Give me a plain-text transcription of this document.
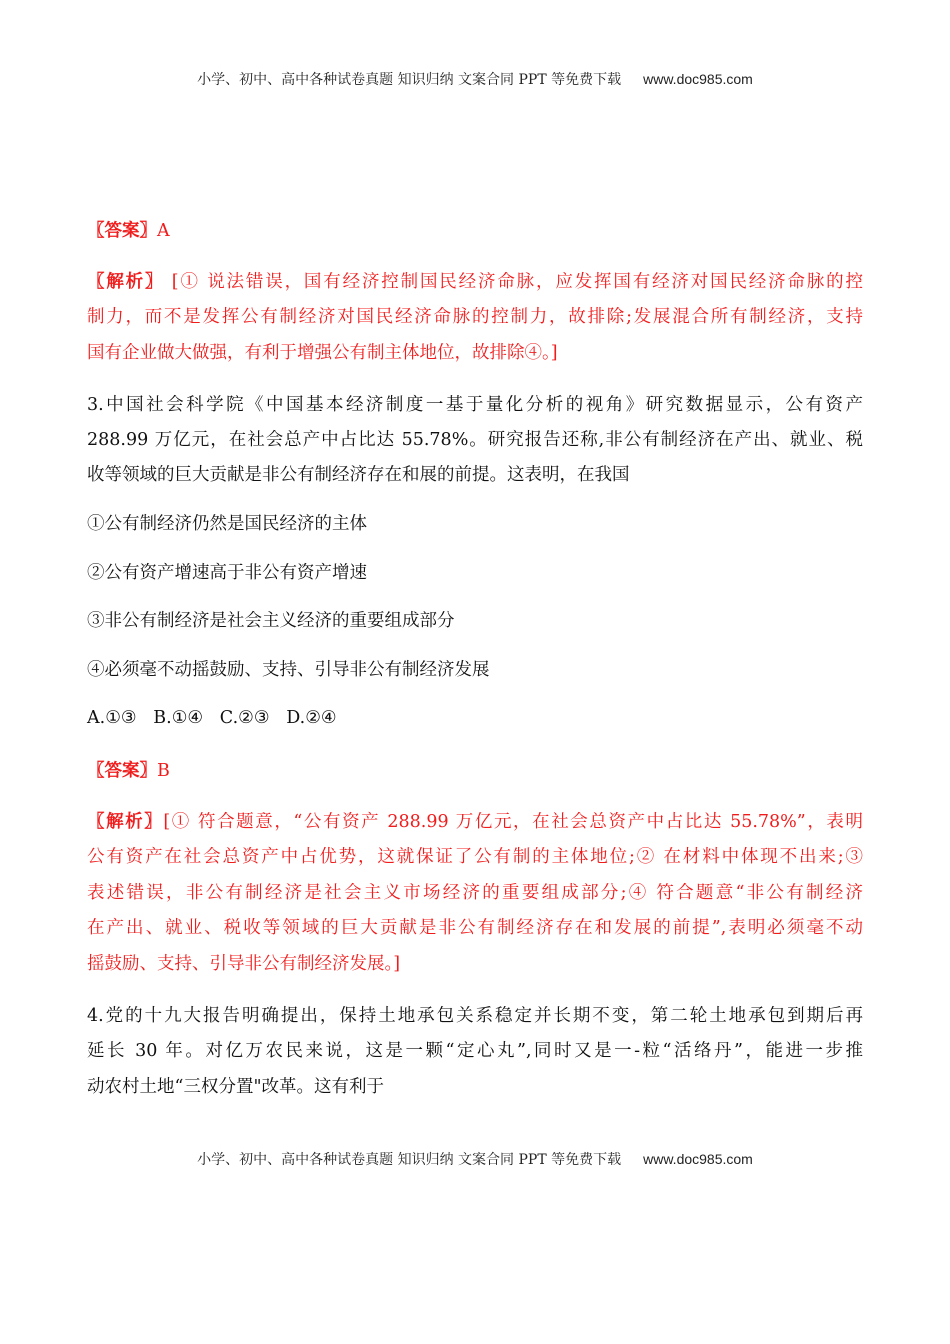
小学、初中、高中各种试卷真题 知识归纳 文案合同 PPT 等免费下载 www.doc985.com
〖答案〗A
〖解析〗 [① 说法错误，国有经济控制国民经济命脉，应发挥国有经济对国民经济命脉的控
制力，而不是发挥公有制经济对国民经济命脉的控制力，故排除;发展混合所有制经济，支持
国有企业做大做强，有利于增强公有制主体地位，故排除④。]
3.中国社会科学院《中国基本经济制度一基于量化分析的视角》研究数据显示，公有资产
288.99 万亿元，在社会总产中占比达 55.78%。研究报告还称,非公有制经济在产出、就业、税
收等领域的巨大贡献是非公有制经济存在和展的前提。这表明，在我国
①公有制经济仍然是国民经济的主体
②公有资产增速高于非公有资产增速
③非公有制经济是社会主义经济的重要组成部分
④必须毫不动摇鼓励、支持、引导非公有制经济发展
A.①③ B.①④ C.②③ D.②④
〖答案〗B
〖解析〗[① 符合题意，“公有资产 288.99 万亿元，在社会总资产中占比达 55.78%”，表明
公有资产在社会总资产中占优势，这就保证了公有制的主体地位;② 在材料中体现不出来;③
表述错误，非公有制经济是社会主义市场经济的重要组成部分;④ 符合题意“非公有制经济
在产出、就业、税收等领域的巨大贡献是非公有制经济存在和发展的前提”,表明必须毫不动
摇鼓励、支持、引导非公有制经济发展。]
4.党的十九大报告明确提出，保持土地承包关系稳定并长期不变，第二轮土地承包到期后再
延长 30 年。对亿万农民来说，这是一颗“定心丸”,同时又是一-粒“活络丹”，能进一步推
动农村土地“三权分置"改革。这有利于
小学、初中、高中各种试卷真题 知识归纳 文案合同 PPT 等免费下载 www.doc985.com
